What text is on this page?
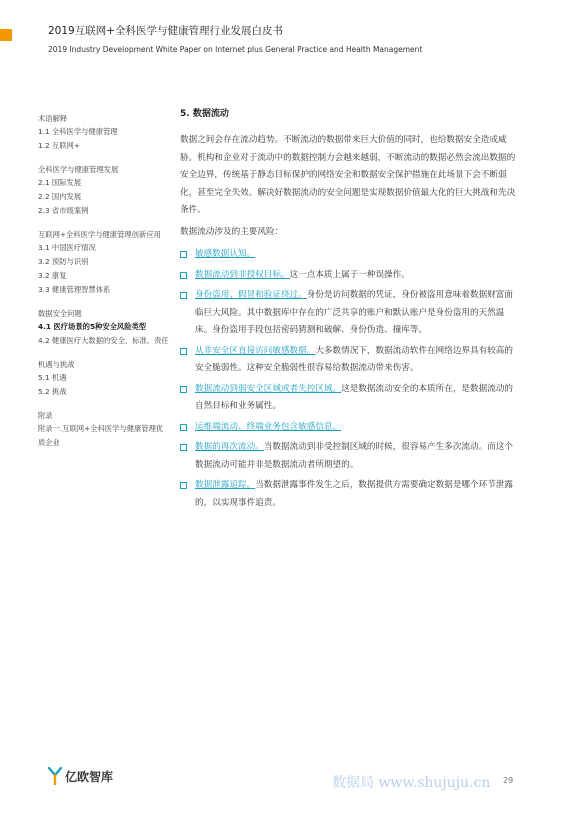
2019互联网+全科医学与健康管理行业发展白皮书
2019 Industry Development White Paper on Internet plus General Practice and Health Management
术语解释
1.1 全科医学与健康管理
1.2 互联网+
全科医学与健康管理发展
2.1 国际发展
2.2 国内发展
2.3 省市级案例
互联网+全科医学与健康管理创新应用
3.1 中国医疗情况
3.2 预防与识别
3.2 康复
3.3 健康管理智慧体系
数据安全问题
4.1 医疗场景的5种安全风险类型
4.2 健康医疗大数据的安全、标准、责任
机遇与挑战
5.1 机遇
5.2 挑战
附录
附录一.互联网+全科医学与健康管理优质企业
5. 数据流动

数据之间会存在流动趋势。不断流动的数据带来巨大价值的同时，也给数据安全造成威胁。机构和企业对于流动中的数据控制力会越来越弱，不断流动的数据必然会流出数据的安全边界，传统基于静态目标保护的网络安全和数据安全保护措施在此场景下会不断弱化，甚至完全失效。解决好数据流动的安全问题是实现数据价值最大化的巨大挑战和先决条件。

数据流动涉及的主要风险：

敏感数据认知。
数据流动到非授权目标。这一点本质上属于一种误操作。
身份盗用、假冒和验证绕过。身份是访问数据的凭证，身份被盗用意味着数据财富面临巨大风险。其中数据库中存在的广泛共享的账户和默认账户是身份盗用的天然温床。身份盗用手段包括密码猜测和破解、身份伪造、撞库等。
从非安全区直接访问敏感数据。大多数情况下，数据流动软件在网络边界具有较高的安全脆弱性。这种安全脆弱性很容易给数据流动带来伤害。
数据流动到弱安全区域或者失控区域。这是数据流动安全的本质所在，是数据流动的自然目标和业务属性。
运维端流动、终端业务包含敏感信息。
数据的再次流动。当数据流动到非受控制区域的时候，很容易产生多次流动。而这个数据流动可能并非是数据流动者所期望的。
数据泄露追踪。当数据泄露事件发生之后，数据提供方需要确定数据是哪个环节泄露的，以实现事件追责。
亿欧智库	数据局 www.shujuju.cn 29
